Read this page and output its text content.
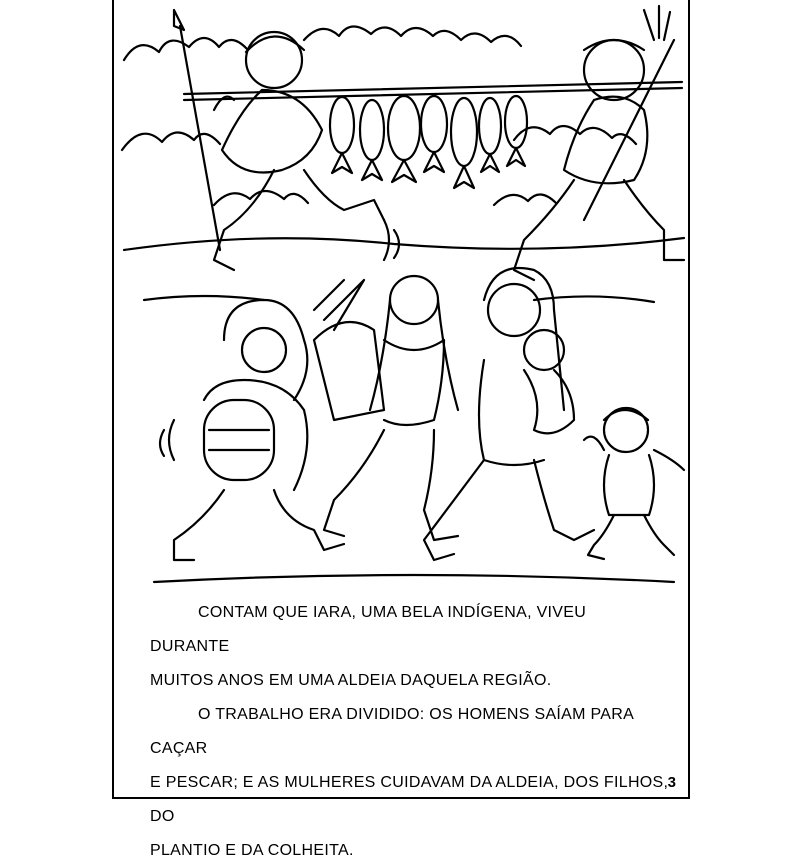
CONTAM QUE IARA, UMA BELA INDÍGENA, VIVEU DURANTE

MUITOS ANOS EM UMA ALDEIA DAQUELA REGIÃO.

O TRABALHO ERA DIVIDIDO: OS HOMENS SAÍAM PARA CAÇAR

E PESCAR; E AS MULHERES CUIDAVAM DA ALDEIA, DOS FILHOS, DO

PLANTIO E DA COLHEITA.

3
